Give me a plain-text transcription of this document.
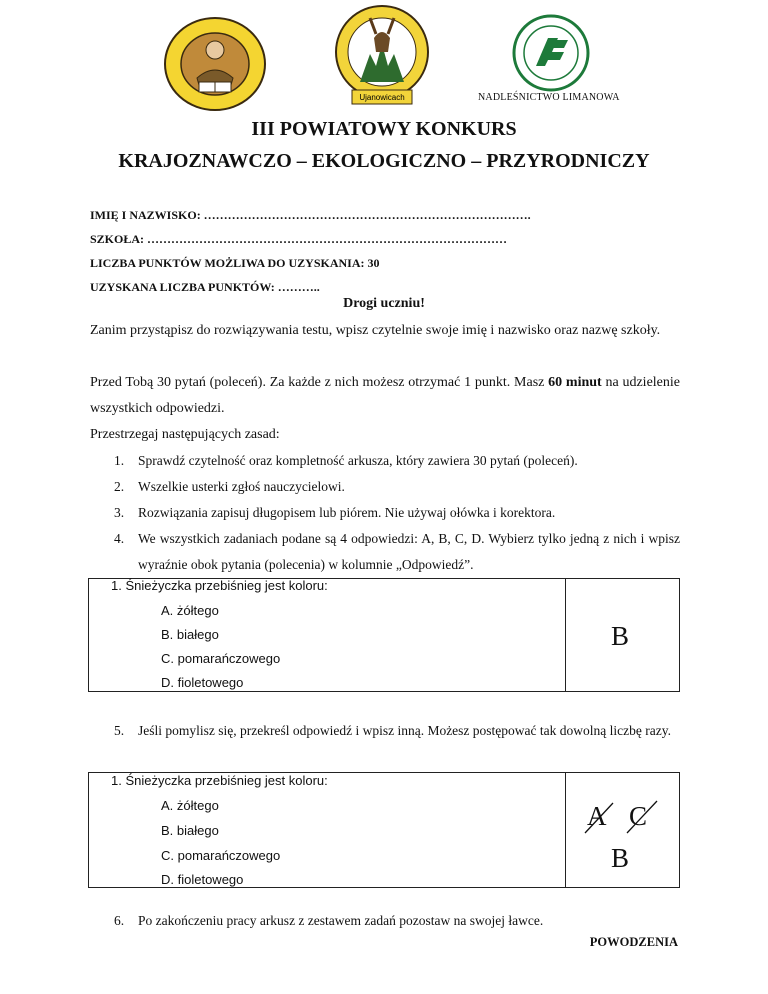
Ujanowicach	NADLEŚNICTWO LIMANOWA
III POWIATOWY KONKURS
KRAJOZNAWCZO – EKOLOGICZNO – PRZYRODNICZY
IMIĘ I NAZWISKO: ……………………………………………………………………….
SZKOŁA: ………………………………………………………………………………
LICZBA PUNKTÓW MOŻLIWA DO UZYSKANIA: 30
UZYSKANA LICZBA PUNKTÓW: ………..
Drogi uczniu!
Zanim przystąpisz do rozwiązywania testu, wpisz czytelnie swoje imię i nazwisko oraz nazwę szkoły.
Przed Tobą 30 pytań (poleceń). Za każde z nich możesz otrzymać 1 punkt. Masz 60 minut na udzielenie wszystkich odpowiedzi.
Przestrzegaj następujących zasad:
1. Sprawdź czytelność oraz kompletność arkusza, który zawiera 30 pytań (poleceń).
2. Wszelkie usterki zgłoś nauczycielowi.
3. Rozwiązania zapisuj długopisem lub piórem. Nie używaj ołówka i korektora.
4. We wszystkich zadaniach podane są 4 odpowiedzi: A, B, C, D. Wybierz tylko jedną z nich i wpisz wyraźnie obok pytania (polecenia) w kolumnie „Odpowiedź”.
1. Śnieżyczka przebiśnieg jest koloru:
A. żółtego
B. białego
C. pomarańczowego
D. fioletowego
B
5. Jeśli pomylisz się, przekreśl odpowiedź i wpisz inną. Możesz postępować tak dowolną liczbę razy.
1. Śnieżyczka przebiśnieg jest koloru:
A. żółtego
B. białego
C. pomarańczowego
D. fioletowego
A C
B
6. Po zakończeniu pracy arkusz z zestawem zadań pozostaw na swojej ławce.
POWODZENIA
